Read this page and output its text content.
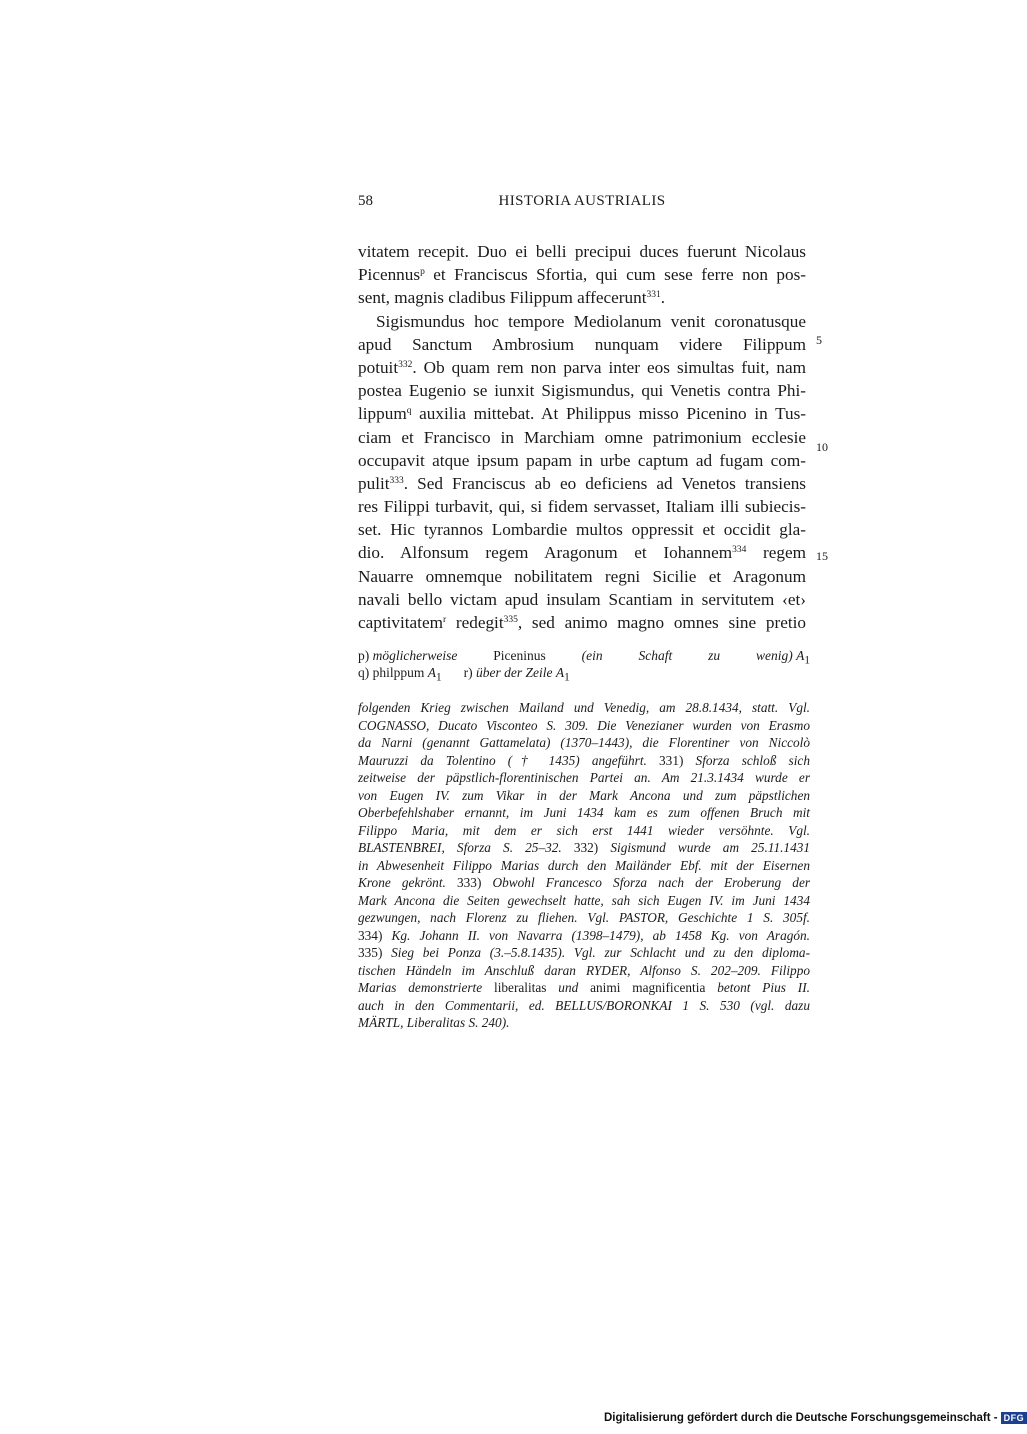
58	HISTORIA AUSTRIALIS
vitatem recepit. Duo ei belli precipui duces fuerunt Nicolaus
Picennus$^p$ et Franciscus Sfortia, qui cum sese ferre non pos-
sent, magnis cladibus Filippum affecerunt$^{331}$.
Sigismundus hoc tempore Mediolanum venit coronatusque
apud Sanctum Ambrosium nunquam videre Filippum
potuit$^{332}$. Ob quam rem non parva inter eos simultas fuit, nam
postea Eugenio se iunxit Sigismundus, qui Venetis contra Phi-
lippum$^q$ auxilia mittebat. At Philippus misso Picenino in Tus-
ciam et Francisco in Marchiam omne patrimonium ecclesie
occupavit atque ipsum papam in urbe captum ad fugam com-
pulit$^{333}$. Sed Franciscus ab eo deficiens ad Venetos transiens
res Filippi turbavit, qui, si fidem servasset, Italiam illi subiecis-
set. Hic tyrannos Lombardie multos oppressit et occidit gla-
dio. Alfonsum regem Aragonum et Iohannem$^{334}$ regem
Nauarre omnemque nobilitatem regni Sicilie et Aragonum
navali bello victam apud insulam Scantiam in servitutem ‹et›
captivitatem$^r$ redegit$^{335}$, sed animo magno omnes sine pretio
5
10
15
p) möglicherweise	Piceninus	(ein	Schaft	zu	wenig) $A_1$
q) philppum $A_1$ r) über der Zeile $A_1$
folgenden Krieg zwischen Mailand und Venedig, am 28.8.1434, statt. Vgl.
COGNASSO, Ducato Visconteo S. 309. Die Venezianer wurden von Erasmo
da Narni (genannt Gattamelata) (1370–1443), die Florentiner von Niccolò
Mauruzzi da Tolentino († 1435) angeführt. 331) Sforza schloß sich
zeitweise der päpstlich-florentinischen Partei an. Am 21.3.1434 wurde er
von Eugen IV. zum Vikar in der Mark Ancona und zum päpstlichen
Oberbefehlshaber ernannt, im Juni 1434 kam es zum offenen Bruch mit
Filippo Maria, mit dem er sich erst 1441 wieder versöhnte. Vgl.
BLASTENBREI, Sforza S. 25–32. 332) Sigismund wurde am 25.11.1431
in Abwesenheit Filippo Marias durch den Mailänder Ebf. mit der Eisernen
Krone gekrönt. 333) Obwohl Francesco Sforza nach der Eroberung der
Mark Ancona die Seiten gewechselt hatte, sah sich Eugen IV. im Juni 1434
gezwungen, nach Florenz zu fliehen. Vgl. PASTOR, Geschichte 1 S. 305f.
334) Kg. Johann II. von Navarra (1398–1479), ab 1458 Kg. von Aragón.
335) Sieg bei Ponza (3.–5.8.1435). Vgl. zur Schlacht und zu den diploma-
tischen Händeln im Anschluß daran RYDER, Alfonso S. 202–209. Filippo
Marias demonstrierte liberalitas und animi magnificentia betont Pius II.
auch in den Commentarii, ed. BELLUS/BORONKAI 1 S. 530 (vgl. dazu
MÄRTL, Liberalitas S. 240).
Digitalisierung gefördert durch die Deutsche Forschungsgemeinschaft - DFG
